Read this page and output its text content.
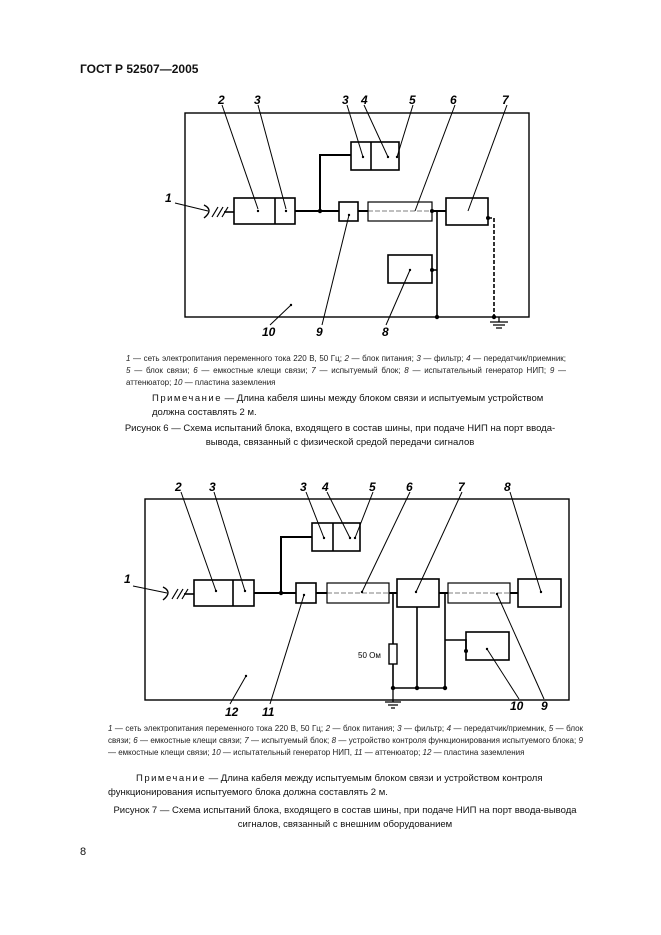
ГОСТ Р 52507—2005
1
2 3	3 4	5	6	7
8
9
10
1 — сеть электропитания переменного тока 220 В, 50 Гц; 2 — блок питания; 3 — фильтр; 4 — передатчик/приемник; 5 — блок связи; 6 — емкостные клещи связи; 7 — испытуемый блок; 8 — испытательный генератор НИП; 9 — аттенюатор; 10 — пластина заземления
Примечание — Длина кабеля шины между блоком связи и испытуемым устройством должна составлять 2 м.
Рисунок 6 — Схема испытаний блока, входящего в состав шины, при подаче НИП на порт ввода-вывода, связанный с физической средой передачи сигналов
1
2 3	3 4	5	6	7	8
9
10
11
12
50 Ом
1 — сеть электропитания переменного тока 220 В, 50 Гц; 2 — блок питания; 3 — фильтр; 4 — передатчик/приемник, 5 — блок связи; 6 — емкостные клещи связи; 7 — испытуемый блок; 8 — устройство контроля функционирования испытуемого блока; 9 — емкостные клещи связи; 10 — испытательный генератор НИП, 11 — аттенюатор; 12 — пластина заземления
Примечание — Длина кабеля между испытуемым блоком связи и устройством контроля функционирования испытуемого блока должна составлять 2 м.
Рисунок 7 — Схема испытаний блока, входящего в состав шины, при подаче НИП на порт ввода-вывода сигналов, связанный с внешним оборудованием
8
